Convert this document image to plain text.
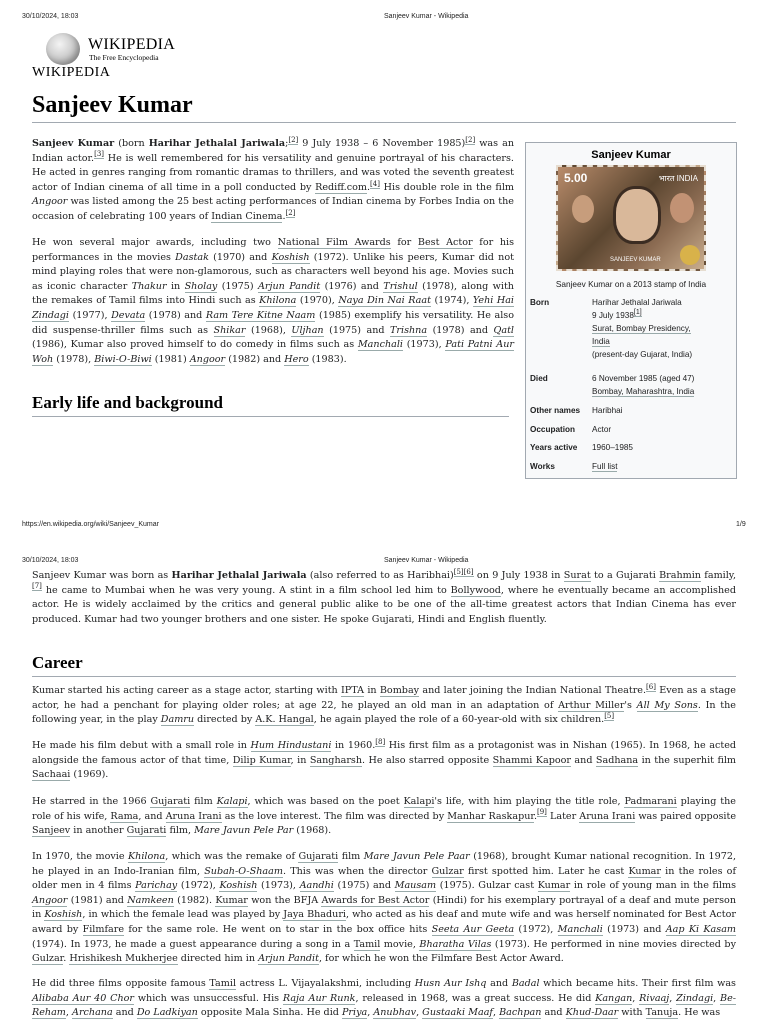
30/10/2024, 18:03	Sanjeev Kumar - Wikipedia
WIKIPEDIA
The Free Encyclopedia
WIKIPEDIA
Sanjeev Kumar

Sanjeev Kumar (born Harihar Jethalal Jariwala;[2] 9 July 1938 – 6 November 1985)[2] was an Indian actor.[3] He is well remembered for his versatility and genuine portrayal of his characters. He acted in genres ranging from romantic dramas to thrillers, and was voted the seventh greatest actor of Indian cinema of all time in a poll conducted by Rediff.com.[4] His double role in the film Angoor was listed among the 25 best acting performances of Indian cinema by Forbes India on the occasion of celebrating 100 years of Indian Cinema.[2]

He won several major awards, including two National Film Awards for Best Actor for his performances in the movies Dastak (1970) and Koshish (1972). Unlike his peers, Kumar did not mind playing roles that were non-glamorous, such as characters well beyond his age. Movies such as iconic character Thakur in Sholay (1975) Arjun Pandit (1976) and Trishul (1978), along with the remakes of Tamil films into Hindi such as Khilona (1970), Naya Din Nai Raat (1974), Yehi Hai Zindagi (1977), Devata (1978) and Ram Tere Kitne Naam (1985) exemplify his versatility. He also did suspense-thriller films such as Shikar (1968), Uljhan (1975) and Trishna (1978) and Qatl (1986), Kumar also proved himself to do comedy in films such as Manchali (1973), Pati Patni Aur Woh (1978), Biwi-O-Biwi (1981) Angoor (1982) and Hero (1983).

Early life and background
Sanjeev Kumar
5.00	भारत INDIA
SANJEEV KUMAR
Sanjeev Kumar on a 2013 stamp of India
Born	Harihar Jethalal Jariwala
9 July 1938[1]
Surat, Bombay Presidency,
India
(present-day Gujarat, India)
Died	6 November 1985 (aged 47)
Bombay, Maharashtra, India
Other names Haribhai
Occupation Actor
Years active 1960–1985
Works	Full list
https://en.wikipedia.org/wiki/Sanjeev_Kumar	1/9
30/10/2024, 18:03	Sanjeev Kumar - Wikipedia

Sanjeev Kumar was born as Harihar Jethalal Jariwala (also referred to as Haribhai)[5][6] on 9 July 1938 in Surat to a Gujarati Brahmin family,[7] he came to Mumbai when he was very young. A stint in a film school led him to Bollywood, where he eventually became an accomplished actor. He is widely acclaimed by the critics and general public alike to be one of the all-time greatest actors that Indian Cinema has ever produced. Kumar had two younger brothers and one sister. He spoke Gujarati, Hindi and English fluently.

Career

Kumar started his acting career as a stage actor, starting with IPTA in Bombay and later joining the Indian National Theatre.[6] Even as a stage actor, he had a penchant for playing older roles; at age 22, he played an old man in an adaptation of Arthur Miller's All My Sons. In the following year, in the play Damru directed by A.K. Hangal, he again played the role of a 60-year-old with six children.[5]

He made his film debut with a small role in Hum Hindustani in 1960.[8] His first film as a protagonist was in Nishan (1965). In 1968, he acted alongside the famous actor of that time, Dilip Kumar, in Sangharsh. He also starred opposite Shammi Kapoor and Sadhana in the superhit film Sachaai (1969).

He starred in the 1966 Gujarati film Kalapi, which was based on the poet Kalapi's life, with him playing the title role, Padmarani playing the role of his wife, Rama, and Aruna Irani as the love interest. The film was directed by Manhar Raskapur.[9] Later Aruna Irani was paired opposite Sanjeev in another Gujarati film, Mare Javun Pele Par (1968).

In 1970, the movie Khilona, which was the remake of Gujarati film Mare Javun Pele Paar (1968), brought Kumar national recognition. In 1972, he played in an Indo-Iranian film, Subah-O-Shaam. This was when the director Gulzar first spotted him. Later he cast Kumar in the roles of older men in 4 films Parichay (1972), Koshish (1973), Aandhi (1975) and Mausam (1975). Gulzar cast Kumar in role of young man in the films Angoor (1981) and Namkeen (1982). Kumar won the BFJA Awards for Best Actor (Hindi) for his exemplary portrayal of a deaf and mute person in Koshish, in which the female lead was played by Jaya Bhaduri, who acted as his deaf and mute wife and was herself nominated for Best Actor award by Filmfare for the same role. He went on to star in the box office hits Seeta Aur Geeta (1972), Manchali (1973) and Aap Ki Kasam (1974). In 1973, he made a guest appearance during a song in a Tamil movie, Bharatha Vilas (1973). He performed in nine movies directed by Gulzar. Hrishikesh Mukherjee directed him in Arjun Pandit, for which he won the Filmfare Best Actor Award.

He did three films opposite famous Tamil actress L. Vijayalakshmi, including Husn Aur Ishq and Badal which became hits. Their first film was Alibaba Aur 40 Chor which was unsuccessful. His Raja Aur Runk, released in 1968, was a great success. He did Kangan, Rivaaj, Zindagi, Be-Reham, Archana and Do Ladkiyan opposite Mala Sinha. He did Priya, Anubhav, Gustaaki Maaf, Bachpan and Khud-Daar with Tanuja. He was
